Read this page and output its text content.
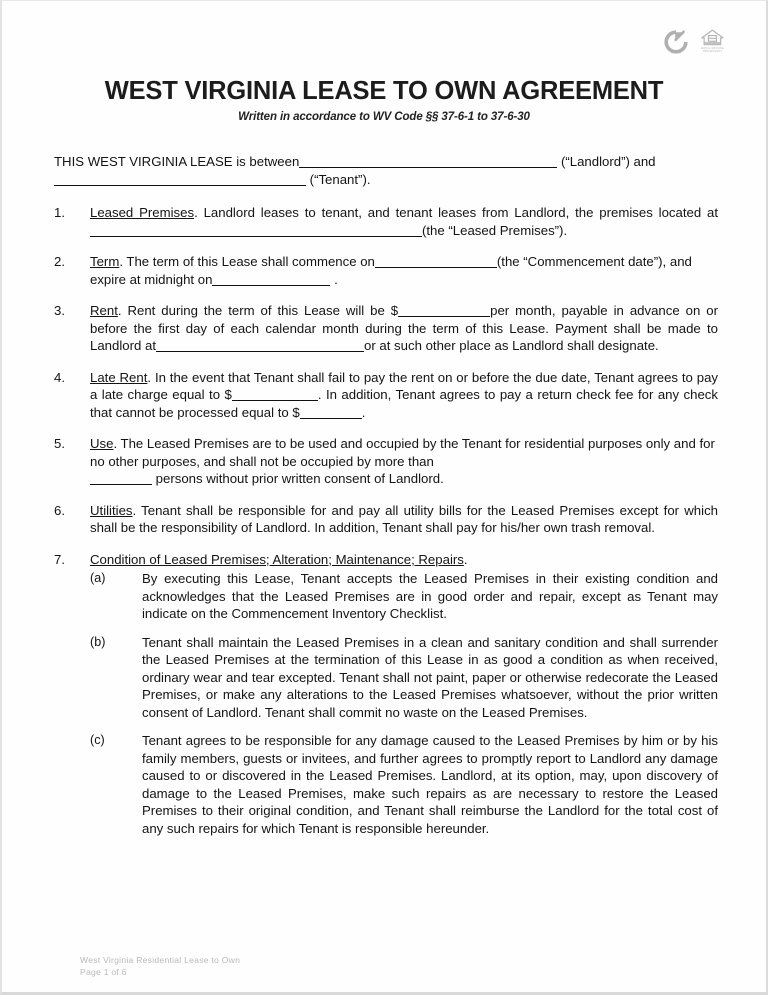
EQUAL HOUSING
OPPORTUNITY
WEST VIRGINIA LEASE TO OWN AGREEMENT
Written in accordance to WV Code §§ 37-6-1 to 37-6-30

THIS WEST VIRGINIA LEASE is between	(“Landlord”) and
(“Tenant”).

1.	Leased Premises. Landlord leases to tenant, and tenant leases from Landlord, the premises located at(the “Leased Premises”).
2.	Term. The term of this Lease shall commence on	(the “Commencement date”), and expire at midnight on	.
3.	Rent. Rent during the term of this Lease will be $	per month, payable in advance on or before the first day of each calendar month during the term of this Lease. Payment shall be made to Landlord at	or at such other place as Landlord shall designate.
4.	Late Rent. In the event that Tenant shall fail to pay the rent on or before the due date, Tenant agrees to pay a late charge equal to $	. In addition, Tenant agrees to pay a return check fee for any check that cannot be processed equal to $	.
5.	Use. The Leased Premises are to be used and occupied by the Tenant for residential purposes only and for no other purposes, and shall not be occupied by more than
persons without prior written consent of Landlord.
6.	Utilities. Tenant shall be responsible for and pay all utility bills for the Leased Premises except for which shall be the responsibility of Landlord. In addition, Tenant shall pay for his/her own trash removal.
7.	Condition of Leased Premises; Alteration; Maintenance; Repairs.
(a)	By executing this Lease, Tenant accepts the Leased Premises in their existing condition and acknowledges that the Leased Premises are in good order and repair, except as Tenant may indicate on the Commencement Inventory Checklist.
(b)	Tenant shall maintain the Leased Premises in a clean and sanitary condition and shall surrender the Leased Premises at the termination of this Lease in as good a condition as when received, ordinary wear and tear excepted. Tenant shall not paint, paper or otherwise redecorate the Leased Premises, or make any alterations to the Leased Premises whatsoever, without the prior written consent of Landlord. Tenant shall commit no waste on the Leased Premises.
(c)	Tenant agrees to be responsible for any damage caused to the Leased Premises by him or by his family members, guests or invitees, and further agrees to promptly report to Landlord any damage caused to or discovered in the Leased Premises. Landlord, at its option, may, upon discovery of damage to the Leased Premises, make such repairs as are necessary to restore the Leased Premises to their original condition, and Tenant shall reimburse the Landlord for the total cost of any such repairs for which Tenant is responsible hereunder.
West Virginia Residential Lease to Own
Page 1 of 6
